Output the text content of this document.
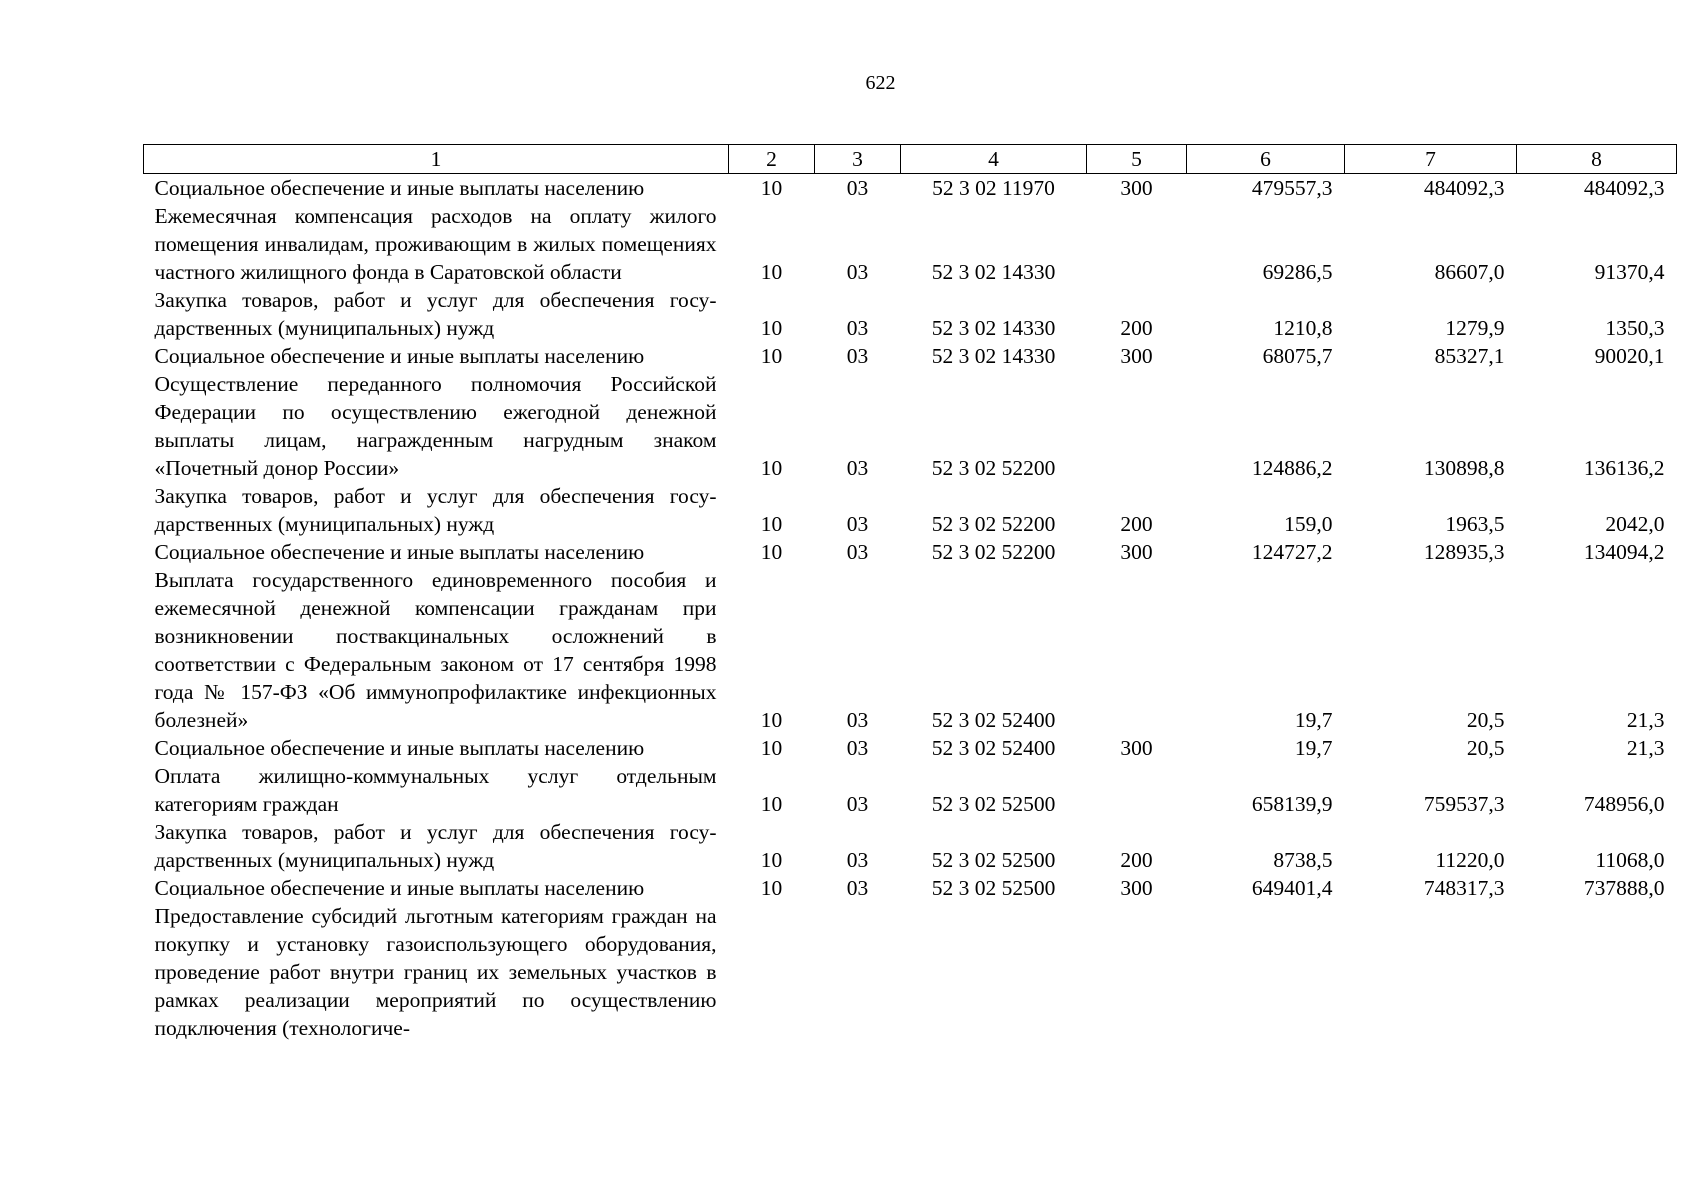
622
1	2	3	4	5	6	7	8
Социальное обеспечение и иные выплаты населению	10	03	52 3 02 11970	300	479557,3	484092,3	484092,3
Ежемесячная компенсация расходов на оплату жилого помещения инвалидам, проживающим в жилых помещениях частного жилищного фонда в Саратовской области	10	03	52 3 02 14330		69286,5	86607,0	91370,4
Закупка товаров, работ и услуг для обеспечения государственных (муниципальных) нужд	10	03	52 3 02 14330	200	1210,8	1279,9	1350,3
Социальное обеспечение и иные выплаты населению	10	03	52 3 02 14330	300	68075,7	85327,1	90020,1
Осуществление переданного полномочия Российской Федерации по осуществлению ежегодной денежной выплаты лицам, награжденным нагрудным знаком «Почетный донор России»	10	03	52 3 02 52200		124886,2	130898,8	136136,2
Закупка товаров, работ и услуг для обеспечения государственных (муниципальных) нужд	10	03	52 3 02 52200	200	159,0	1963,5	2042,0
Социальное обеспечение и иные выплаты населению	10	03	52 3 02 52200	300	124727,2	128935,3	134094,2
Выплата государственного единовременного пособия и ежемесячной денежной компенсации гражданам при возникновении поствакцинальных осложнений в соответствии с Федеральным законом от 17 сентября 1998 года № 157-ФЗ «Об иммунопрофилактике инфекционных болезней»	10	03	52 3 02 52400		19,7	20,5	21,3
Социальное обеспечение и иные выплаты населению	10	03	52 3 02 52400	300	19,7	20,5	21,3
Оплата жилищно-коммунальных услуг отдельным категориям граждан	10	03	52 3 02 52500		658139,9	759537,3	748956,0
Закупка товаров, работ и услуг для обеспечения государственных (муниципальных) нужд	10	03	52 3 02 52500	200	8738,5	11220,0	11068,0
Социальное обеспечение и иные выплаты населению	10	03	52 3 02 52500	300	649401,4	748317,3	737888,0
Предоставление субсидий льготным категориям граждан на покупку и установку газоиспользующего оборудования, проведение работ внутри границ их земельных участков в рамках реализации мероприятий по осуществлению подключения (технологиче-							
